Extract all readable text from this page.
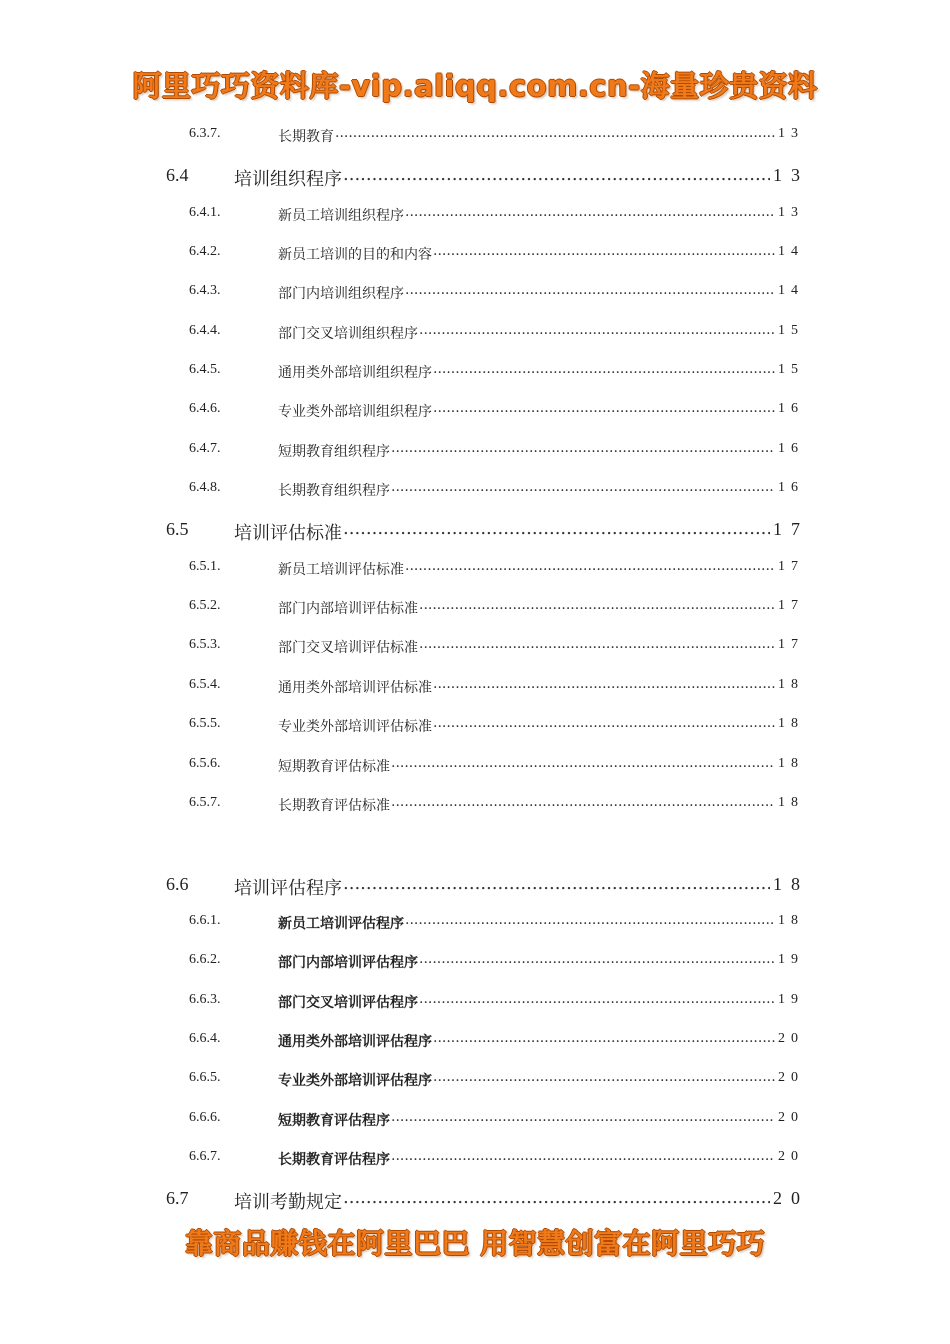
阿里巧巧资料库-vip.aliqq.com.cn-海量珍贵资料
6.3.7.	长期教育 .....	13
6.4	培训组织程序 .....	13
6.4.1.	新员工培训组织程序 .....	13
6.4.2.	新员工培训的目的和内容 .....	14
6.4.3.	部门内培训组织程序 .....	14
6.4.4.	部门交叉培训组织程序 .....	15
6.4.5.	通用类外部培训组织程序 .....	15
6.4.6.	专业类外部培训组织程序 .....	16
6.4.7.	短期教育组织程序 .....	16
6.4.8.	长期教育组织程序 .....	16
6.5	培训评估标准 .....	17
6.5.1.	新员工培训评估标准 .....	17
6.5.2.	部门内部培训评估标准 .....	17
6.5.3.	部门交叉培训评估标准 .....	17
6.5.4.	通用类外部培训评估标准 .....	18
6.5.5.	专业类外部培训评估标准 .....	18
6.5.6.	短期教育评估标准 .....	18
6.5.7.	长期教育评估标准 .....	18
6.6	培训评估程序 .....	18
6.6.1.	新员工培训评估程序 .....	18
6.6.2.	部门内部培训评估程序 .....	19
6.6.3.	部门交叉培训评估程序 .....	19
6.6.4.	通用类外部培训评估程序 .....	20
6.6.5.	专业类外部培训评估程序 .....	20
6.6.6.	短期教育评估程序 .....	20
6.6.7.	长期教育评估程序 .....	20
6.7	培训考勤规定 .....	20
靠商品赚钱在阿里巴巴 用智慧创富在阿里巧巧
